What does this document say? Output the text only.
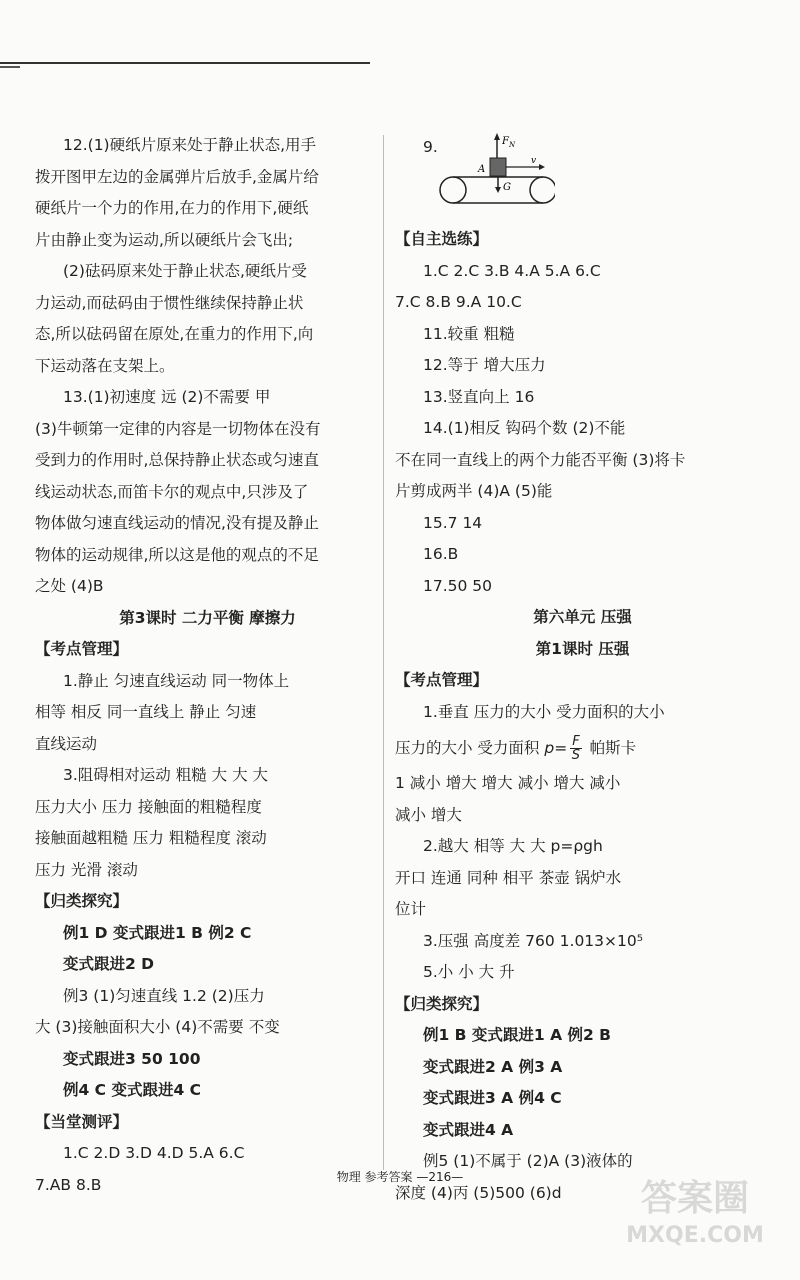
12.(1)硬纸片原来处于静止状态,用手
拨开图甲左边的金属弹片后放手,金属片给
硬纸片一个力的作用,在力的作用下,硬纸
片由静止变为运动,所以硬纸片会飞出;
(2)砝码原来处于静止状态,硬纸片受
力运动,而砝码由于惯性继续保持静止状
态,所以砝码留在原处,在重力的作用下,向
下运动落在支架上。
13.(1)初速度 远 (2)不需要 甲
(3)牛顿第一定律的内容是一切物体在没有
受到力的作用时,总保持静止状态或匀速直
线运动状态,而笛卡尔的观点中,只涉及了
物体做匀速直线运动的情况,没有提及静止
物体的运动规律,所以这是他的观点的不足
之处 (4)B
第3课时 二力平衡 摩擦力
【考点管理】
1.静止 匀速直线运动 同一物体上
相等 相反 同一直线上 静止 匀速
直线运动
3.阻碍相对运动 粗糙 大 大 大
压力大小 压力 接触面的粗糙程度
接触面越粗糙 压力 粗糙程度 滚动
压力 光滑 滚动
【归类探究】
例1 D 变式跟进1 B 例2 C
变式跟进2 D
例3 (1)匀速直线 1.2 (2)压力
大 (3)接触面积大小 (4)不需要 不变
变式跟进3 50 100
例4 C 变式跟进4 C
【当堂测评】
1.C 2.D 3.D 4.D 5.A 6.C
7.AB 8.B
9.	$F_N$
A
v
G
【自主选练】
1.C 2.C 3.B 4.A 5.A 6.C
7.C 8.B 9.A 10.C
11.较重 粗糙
12.等于 增大压力
13.竖直向上 16
14.(1)相反 钩码个数 (2)不能
不在同一直线上的两个力能否平衡 (3)将卡
片剪成两半 (4)A (5)能
15.7 14
16.B
17.50 50
第六单元 压强
第1课时 压强
【考点管理】
1.垂直 压力的大小 受力面积的大小
压力的大小 受力面积 $p= \frac{F}{S}$ 帕斯卡
1 减小 增大 增大 减小 增大 减小
减小 增大
2.越大 相等 大 大 p=ρgh
开口 连通 同种 相平 茶壶 锅炉水
位计
3.压强 高度差 760 1.013×10⁵
5.小 小 大 升
【归类探究】
例1 B 变式跟进1 A 例2 B
变式跟进2 A 例3 A
变式跟进3 A 例4 C
变式跟进4 A
例5 (1)不属于 (2)A (3)液体的
深度 (4)丙 (5)500 (6)d
物理 参考答案 —216—
答案圈
MXQE.COM
